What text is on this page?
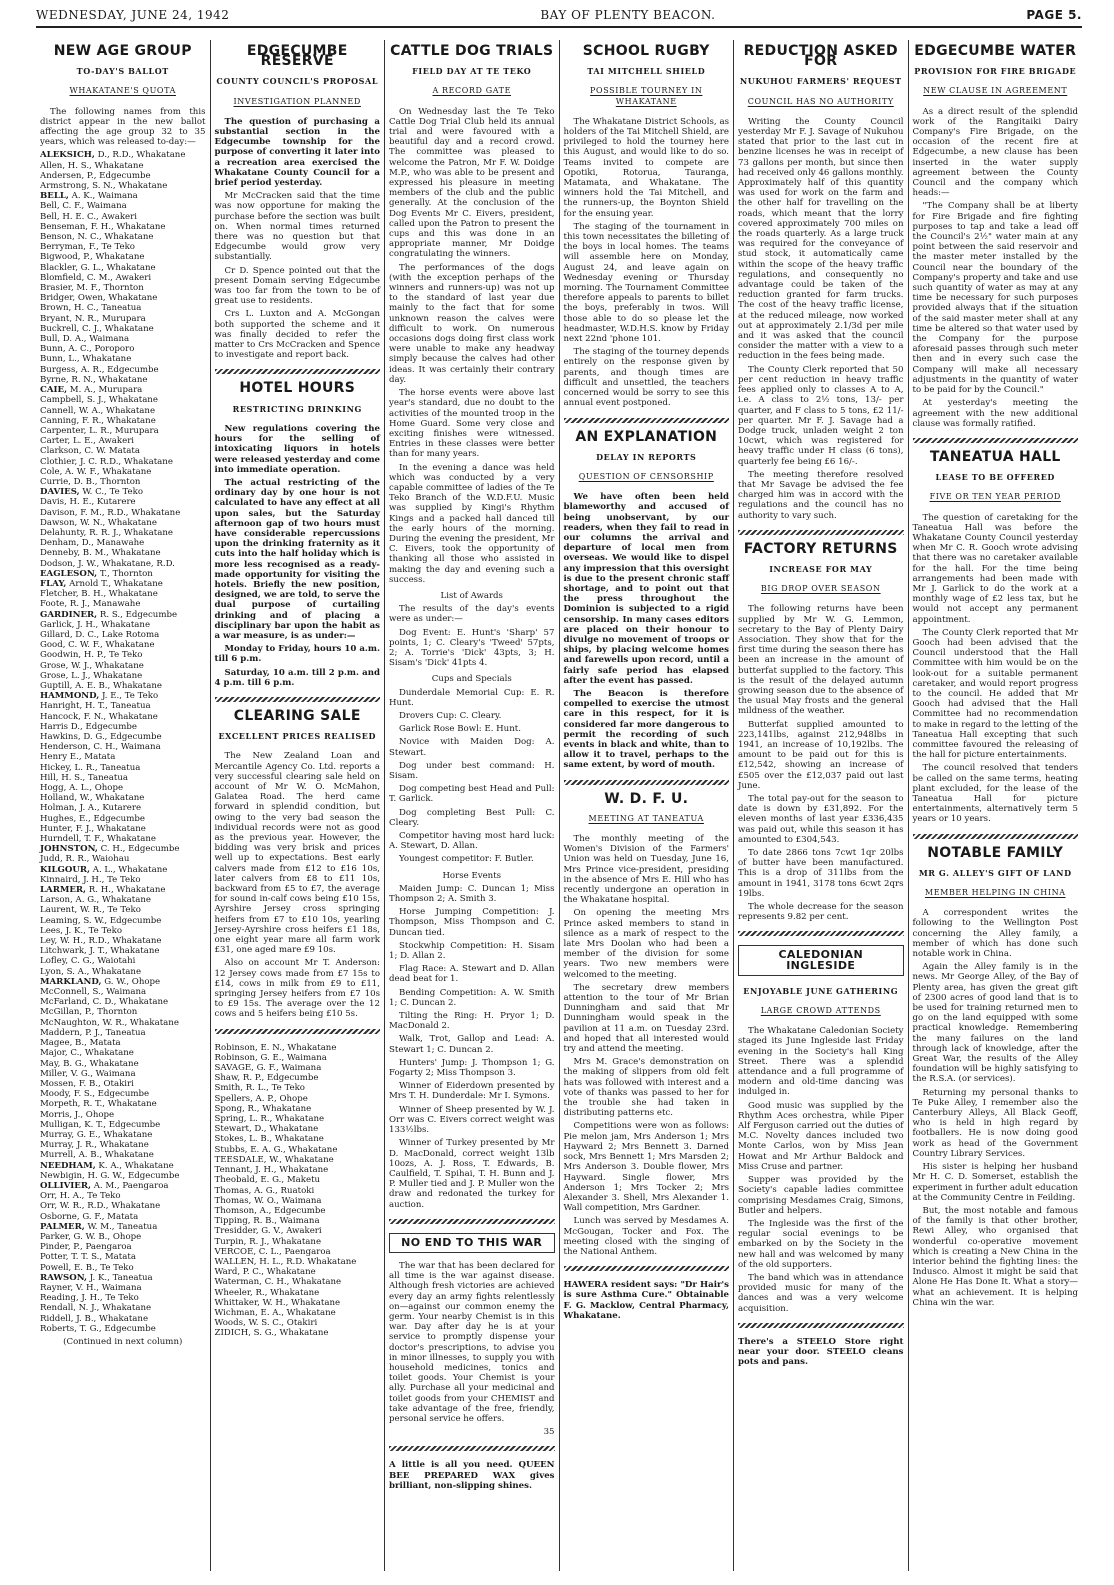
WEDNESDAY, JUNE 24, 1942	BAY OF PLENTY BEACON.	PAGE 5.
NEW AGE GROUP
TO-DAY'S BALLOT
WHAKATANE'S QUOTA
The following names from this district appear in the new ballot affecting the age group 32 to 35 years, which was released to-day:—
ALEKSICH, D., R.D., Whakatane
Allen, H. S., Whakatane
Andersen, P., Edgecumbe
Armstrong, S. N., Whakatane
BELL, A. K., Waimana
Bell, C. F., Waimana
Bell, H. E. C., Awakeri
Benseman, F. H., Whakatane
Benson, N. C., Whakatane
Berryman, F., Te Teko
Bigwood, P., Whakatane
Blackler, G. L., Whakatane
Blomfield, C. M., Awakeri
Brasier, M. F., Thornton
Bridger, Owen, Whakatane
Brown, H. C., Taneatua
Bryant, N. R., Murupara
Buckrell, C. J., Whakatane
Bull, D. A., Waimana
Bunn, A. C., Poroporo
Bunn, L., Whakatane
Burgess, A. R., Edgecumbe
Byrne, R. N., Whakatane
CAIE, M. A., Murupara
Campbell, S. J., Whakatane
Cannell, W. A., Whakatane
Canning, F. R., Whakatane
Carpenter, L. R., Murupara
Carter, L. E., Awakeri
Clarkson, C. W. Matata
Clothier, J. C. R.D., Whakatane
Cole, A. W. F., Whakatane
Currie, D. B., Thornton
DAVIES, W. C., Te Teko
Davis, H. E., Kutarere
Davison, F. M., R.D., Whakatane
Dawson, W. N., Whakatane
Delahunty, R. R. J., Whakatane
Denham, D., Manawahe
Denneby, B. M., Whakatane
Dodson, J. W., Whakatane, R.D.
EAGLESON, T., Thornton
FLAY, Arnold T., Whakatane
Fletcher, B. H., Whakatane
Foote, R. J., Manawahe
GARDINER, R. S., Edgecumbe
Garlick, J. H., Whakatane
Gillard, D. C., Lake Rotoma
Good, C. W. F., Whakatane
Goodwin, H. P., Te Teko
Grose, W. J., Whakatane
Grose, L. J., Whakatane
Guptill, A. E. B., Whakatane
HAMMOND, J. E., Te Teko
Hanright, H. T., Taneatua
Hancock, F. N., Whakatane
Harris D., Edgecumbe
Hawkins, D. G., Edgecumbe
Henderson, C. H., Waimana
Henry E., Matata
Hickey, L. R., Taneatua
Hill, H. S., Taneatua
Hogg, A. L., Ohope
Holland, W., Whakatane
Holman, J. A., Kutarere
Hughes, E., Edgecumbe
Hunter, F. J., Whakatane
Hurndell, T. F., Whakatane
JOHNSTON, C. H., Edgecumbe
Judd, R. R., Waiohau
KILGOUR, A. L., Whakatane
Kinnaird, J. H., Te Teko
LARMER, R. H., Whakatane
Larson, A. G., Whakatane
Laurent, W. R., Te Teko
Leaming, S. W., Edgecumbe
Lees, J. K., Te Teko
Ley, W. H., R.D., Whakatane
Litchwark, J. T., Whakatane
Lofley, C. G., Waiotahi
Lyon, S. A., Whakatane
MARKLAND, G. W., Ohope
McConnell, S., Waimana
McFarland, C. D., Whakatane
McGillan, P., Thornton
McNaughton, W. R., Whakatane
Maddern, P. J., Taneatua
Magee, B., Matata
Major, C., Whakatane
May, B. G., Whakatane
Miller, V. G., Waimana
Mossen, F. B., Otakiri
Moody, F. S., Edgecumbe
Morpeth, R. T., Whakatane
Morris, J., Ohope
Mulligan, K. T., Edgecumbe
Murray, G. E., Whakatane
Murray, J. R., Whakatane
Murrell, A. B., Whakatane
NEEDHAM, K. A., Whakatane
Newbigin, H. G. W., Edgecumbe
OLLIVIER, A. M., Paengaroa
Orr, H. A., Te Teko
Orr, W. R., R.D., Whakatane
Osborne, G. F., Matata
PALMER, W. M., Taneatua
Parker, G. W. B., Ohope
Pinder, P., Paengaroa
Potter, T. T. S., Matata
Powell, E. B., Te Teko
RAWSON, J. K., Taneatua
Rayner, V. H., Waimana
Reading, J. H., Te Teko
Rendall, N. J., Whakatane
Riddell, J. B., Whakatane
Roberts, T. G., Edgecumbe
(Continued in next column)
EDGECUMBE RESERVE
COUNTY COUNCIL'S PROPOSAL
INVESTIGATION PLANNED
The question of purchasing a substantial section in the Edgecumbe township for the purpose of converting it later into a recreation area exercised the Whakatane County Council for a brief period yesterday.
Mr McCracken said that the time was now opportune for making the purchase before the section was built on. When normal times returned there was no question but that Edgecumbe would grow very substantially.
Cr D. Spence pointed out that the present Domain serving Edgecumbe was too far from the town to be of great use to residents.
Crs L. Luxton and A. McGongan both supported the scheme and it was finally decided to refer the matter to Crs McCracken and Spence to investigate and report back.
HOTEL HOURS
RESTRICTING DRINKING
New regulations covering the hours for the selling of intoxicating liquors in hotels were released yesterday and come into immediate operation.
The actual restricting of the ordinary day by one hour is not calculated to have any effect at all upon sales, but the Saturday afternoon gap of two hours must have considerable repercussions upon the drinking fraternity as it cuts into the half holiday which is more less recognised as a ready-made opportunity for visiting the hotels. Briefly the new position, designed, we are told, to serve the dual purpose of curtailing drinking and of placing a disciplinary bar upon the habit as a war measure, is as under:—
Monday to Friday, hours 10 a.m. till 6 p.m.
Saturday, 10 a.m. till 2 p.m. and 4 p.m. till 6 p.m.
CLEARING SALE
EXCELLENT PRICES REALISED
The New Zealand Loan and Mercantile Agency Co. Ltd. reports a very successful clearing sale held on account of Mr W. O. McMahon, Galatea Road. The herd came forward in splendid condition, but owing to the very bad season the individual records were not as good as the previous year. However, the bidding was very brisk and prices well up to expectations. Best early calvers made from £12 to £16 10s, later calvers from £8 to £11 10s, backward from £5 to £7, the average for sound in-calf cows being £10 15s, Ayrshire Jersey cross springing heifers from £7 to £10 10s, yearling Jersey-Ayrshire cross heifers £1 18s, one eight year mare all farm work £31, one aged mare £9 10s.
Also on account Mr T. Anderson: 12 Jersey cows made from £7 15s to £14, cows in milk from £9 to £11, springing Jersey heifers from £7 10s to £9 15s. The average over the 12 cows and 5 heifers being £10 5s.
Robinson, E. N., Whakatane
Robinson, G. E., Waimana
SAVAGE, G. F., Waimana
Shaw, R. P., Edgecumbe
Smith, R. L., Te Teko
Spellers, A. P., Ohope
Spong, R., Whakatane
Spring, L. R., Whakatane
Stewart, D., Whakatane
Stokes, L. B., Whakatane
Stubbs, E. A. G., Whakatane
TEESDALE, W., Whakatane
Tennant, J. H., Whakatane
Theobald, E. G., Maketu
Thomas, A. G., Ruatoki
Thomas, W. O., Waimana
Thomson, A., Edgecumbe
Tipping, R. B., Waimana
Tresidder, G. V., Awakeri
Turpin, R. J., Whakatane
VERCOE, C. L., Paengaroa
WALLEN, H. L., R.D. Whakatane
Ward, P. C., Whakatane
Waterman, C. H., Whakatane
Wheeler, R., Whakatane
Whittaker, W. H., Whakatane
Wichman, E. A., Whakatane
Woods, W. S. C., Otakiri
ZIDICH, S. G., Whakatane
CATTLE DOG TRIALS
FIELD DAY AT TE TEKO
A RECORD GATE
On Wednesday last the Te Teko Cattle Dog Trial Club held its annual trial and were favoured with a beautiful day and a record crowd. The committee was pleased to welcome the Patron, Mr F. W. Doidge M.P., who was able to be present and expressed his pleasure in meeting members of the club and the public generally. At the conclusion of the Dog Events Mr C. Eivers, president, called upon the Patron to present the cups and this was done in an appropriate manner, Mr Doidge congratulating the winners.
The performances of the dogs (with the exception perhaps of the winners and runners-up) was not up to the standard of last year due mainly to the fact that for some unknown reason the calves were difficult to work. On numerous occasions dogs doing first class work were unable to make any headway simply because the calves had other ideas. It was certainly their contrary day.
The horse events were above last year's standard, due no doubt to the activities of the mounted troop in the Home Guard. Some very close and exciting finishes were witnessed. Entries in these classes were better than for many years.
In the evening a dance was held which was conducted by a very capable committee of ladies of the Te Teko Branch of the W.D.F.U. Music was supplied by Kingi's Rhythm Kings and a packed hall danced till the early hours of the morning. During the evening the president, Mr C. Eivers, took the opportunity of thanking all those who assisted in making the day and evening such a success.
List of Awards
The results of the day's events were as under:—
Dog Event: E. Hunt's 'Sharp' 57 points, 1; C. Cleary's 'Tweed' 57pts, 2; A. Torrie's 'Dick' 43pts, 3; H. Sisam's 'Dick' 41pts 4.
Cups and Specials
Dunderdale Memorial Cup: E. R. Hunt.
Drovers Cup: C. Cleary.
Garlick Rose Bowl: E. Hunt.
Novice with Maiden Dog: A. Stewart.
Dog under best command: H. Sisam.
Dog competing best Head and Pull: T. Garlick.
Dog completing Best Pull: C. Cleary.
Competitor having most hard luck: A. Stewart, D. Allan.
Youngest competitor: F. Butler.
Horse Events
Maiden Jump: C. Duncan 1; Miss Thompson 2; A. Smith 3.
Horse Jumping Competition: J. Thompson, Miss Thompson and C. Duncan tied.
Stockwhip Competition: H. Sisam 1; D. Allan 2.
Flag Race: A. Stewart and D. Allan dead beat for 1.
Bending Competition: A. W. Smith 1; C. Duncan 2.
Tilting the Ring: H. Pryor 1; D. MacDonald 2.
Walk, Trot, Gallop and Lead: A. Stewart 1; C. Duncan 2.
Hunters' Jump: J. Thompson 1; G. Fogarty 2; Miss Thompson 3.
Winner of Eiderdown presented by Mrs T. H. Dunderdale: Mr I. Symons.
Winner of Sheep presented by W. J. Orr was C. Eivers correct weight was 133½lbs.
Winner of Turkey presented by Mr D. MacDonald, correct weight 13lb 10ozs, A. J. Ross, T. Edwards, B. Caulfield, T. Spihai, T. H. Bunn and J. P. Muller tied and J. P. Muller won the draw and redonated the turkey for auction.
NO END TO THIS WAR
The war that has been declared for all time is the war against disease. Although fresh victories are achieved every day an army fights relentlessly on—against our common enemy the germ. Your nearby Chemist is in this war. Day after day he is at your service to promptly dispense your doctor's prescriptions, to advise you in minor illnesses, to supply you with household medicines, tonics and toilet goods. Your Chemist is your ally. Purchase all your medicinal and toilet goods from your CHEMIST and take advantage of the free, friendly, personal service he offers.
35
A little is all you need. QUEEN BEE PREPARED WAX gives brilliant, non-slipping shines.
SCHOOL RUGBY
TAI MITCHELL SHIELD
POSSIBLE TOURNEY IN WHAKATANE
The Whakatane District Schools, as holders of the Tai Mitchell Shield, are privileged to hold the tourney here this August, and would like to do so. Teams invited to compete are Opotiki, Rotorua, Tauranga, Matamata, and Whakatane. The winners hold the Tai Mitchell, and the runners-up, the Boynton Shield for the ensuing year.
The staging of the tournament in this town necessitates the billeting of the boys in local homes. The teams will assemble here on Monday, August 24, and leave again on Wednesday evening or Thursday morning. The Tournament Committee therefore appeals to parents to billet the boys, preferably in twos. Will those able to do so please let the headmaster, W.D.H.S. know by Friday next 22nd 'phone 101.
The staging of the tourney depends entirely on the response given by parents, and though times are difficult and unsettled, the teachers concerned would be sorry to see this annual event postponed.
AN EXPLANATION
DELAY IN REPORTS
QUESTION OF CENSORSHIP
We have often been held blameworthy and accused of being unobservant, by our readers, when they fail to read in our columns the arrival and departure of local men from overseas. We would like to dispel any impression that this oversight is due to the present chronic staff shortage, and to point out that the press throughout the Dominion is subjected to a rigid censorship. In many cases editors are placed on their honour to divulge no movement of troops or ships, by placing welcome homes and farewells upon record, until a fairly safe period has elapsed after the event has passed.
The Beacon is therefore compelled to exercise the utmost care in this respect, for it is considered far more dangerous to permit the recording of such events in black and white, than to allow it to travel, perhaps to the same extent, by word of mouth.
W. D. F. U.
MEETING AT TANEATUA
The monthly meeting of the Women's Division of the Farmers' Union was held on Tuesday, June 16, Mrs Prince vice-president, presiding in the absence of Mrs E. Hill who has recently undergone an operation in the Whakatane hospital.
On opening the meeting Mrs Prince asked members to stand in silence as a mark of respect to the late Mrs Doolan who had been a member of the division for some years. Two new members were welcomed to the meeting.
The secretary drew members attention to the tour of Mr Brian Dunningham and said that Mr Dunningham would speak in the pavilion at 11 a.m. on Tuesday 23rd. and hoped that all interested would try and attend the meeting.
Mrs M. Grace's demonstration on the making of slippers from old felt hats was followed with interest and a vote of thanks was passed to her for the trouble she had taken in distributing patterns etc.
Competitions were won as follows: Pie melon jam, Mrs Anderson 1; Mrs Hayward 2; Mrs Bennett 3. Darned sock, Mrs Bennett 1; Mrs Marsden 2; Mrs Anderson 3. Double flower, Mrs Hayward. Single flower, Mrs Anderson 1; Mrs Tocker 2; Mrs Alexander 3. Shell, Mrs Alexander 1. Wall competition, Mrs Gardner.
Lunch was served by Mesdames A. McGougan, Tocker and Fox. The meeting closed with the singing of the National Anthem.
HAWERA resident says: "Dr Hair's is sure Asthma Cure." Obtainable F. G. Macklow, Central Pharmacy, Whakatane.
REDUCTION ASKED FOR
NUKUHOU FARMERS' REQUEST
COUNCIL HAS NO AUTHORITY
Writing the County Council yesterday Mr F. J. Savage of Nukuhou stated that prior to the last cut in benzine licenses he was in receipt of 73 gallons per month, but since then had received only 46 gallons monthly. Approximately half of this quantity was used for work on the farm and the other half for travelling on the roads, which meant that the lorry covered approximately 700 miles on the roads quarterly. As a large truck was required for the conveyance of stud stock, it automatically came within the scope of the heavy traffic regulations, and consequently no advantage could be taken of the reduction granted for farm trucks. The cost of the heavy traffic license, at the reduced mileage, now worked out at approximately 2.1/3d per mile and it was asked that the council consider the matter with a view to a reduction in the fees being made.
The County Clerk reported that 50 per cent reduction in heavy traffic fees applied only to classes A to A, i.e. A class to 2½ tons, 13/- per quarter, and F class to 5 tons, £2 11/- per quarter. Mr F. J. Savage had a Dodge truck, unladen weight 2 ton 10cwt, which was registered for heavy traffic under H class (6 tons), quarterly fee being £6 16/-.
The meeting therefore resolved that Mr Savage be advised the fee charged him was in accord with the regulations and the council has no authority to vary such.
FACTORY RETURNS
INCREASE FOR MAY
BIG DROP OVER SEASON
The following returns have been supplied by Mr W. G. Lemmon, secretary to the Bay of Plenty Dairy Association. They show that for the first time during the season there has been an increase in the amount of butterfat supplied to the factory. This is the result of the delayed autumn growing season due to the absence of the usual May frosts and the general mildness of the weather.
Butterfat supplied amounted to 223,141lbs, against 212,948lbs in 1941, an increase of 10,192lbs. The amount to be paid out for this is £12,542, showing an increase of £505 over the £12,037 paid out last June.
The total pay-out for the season to date is down by £31,892. For the eleven months of last year £336,435 was paid out, while this season it has amounted to £304,543.
To date 2866 tons 7cwt 1qr 20lbs of butter have been manufactured. This is a drop of 311lbs from the amount in 1941, 3178 tons 6cwt 2qrs 19lbs.
The whole decrease for the season represents 9.82 per cent.
CALEDONIAN INGLESIDE
ENJOYABLE JUNE GATHERING
LARGE CROWD ATTENDS
The Whakatane Caledonian Society staged its June Ingleside last Friday evening in the Society's hall King Street. There was a splendid attendance and a full programme of modern and old-time dancing was indulged in.
Good music was supplied by the Rhythm Aces orchestra, while Piper Alf Ferguson carried out the duties of M.C. Novelty dances included two Monte Carlos, won by Miss Jean Howat and Mr Arthur Baldock and Miss Cruse and partner.
Supper was provided by the Society's capable ladies committee comprising Mesdames Craig, Simons, Butler and helpers.
The Ingleside was the first of the regular social evenings to be embarked on by the Society in the new hall and was welcomed by many of the old supporters.
The band which was in attendance provided music for many of the dances and was a very welcome acquisition.
There's a STEELO Store right near your door. STEELO cleans pots and pans.
EDGECUMBE WATER
PROVISION FOR FIRE BRIGADE
NEW CLAUSE IN AGREEMENT
As a direct result of the splendid work of the Rangitaiki Dairy Company's Fire Brigade, on the occasion of the recent fire at Edgecumbe, a new clause has been inserted in the water supply agreement between the County Council and the company which heads:—
"The Company shall be at liberty for Fire Brigade and fire fighting purposes to tap and take a lead off the Council's 2½" water main at any point between the said reservoir and the master meter installed by the Council near the boundary of the Company's property and take and use such quantity of water as may at any time be necessary for such purposes provided always that if the situation of the said master meter shall at any time be altered so that water used by the Company for the purpose aforesaid passes through such meter then and in every such case the Company will make all necessary adjustments in the quantity of water to be paid for by the Council."
At yesterday's meeting the agreement with the new additional clause was formally ratified.
TANEATUA HALL
LEASE TO BE OFFERED
FIVE OR TEN YEAR PERIOD
The question of caretaking for the Taneatua Hall was before the Whakatane County Council yesterday when Mr C. R. Gooch wrote advising that there was no caretaker available for the hall. For the time being arrangements had been made with Mr J. Garlick to do the work at a monthly wage of £2 less tax, but he would not accept any permanent appointment.
The County Clerk reported that Mr Gooch had been advised that the Council understood that the Hall Committee with him would be on the look-out for a suitable permanent caretaker, and would report progress to the council. He added that Mr Gooch had advised that the Hall Committee had no recommendation to make in regard to the letting of the Taneatua Hall excepting that such committee favoured the releasing of the hall for picture entertainments.
The council resolved that tenders be called on the same terms, heating plant excluded, for the lease of the Taneatua Hall for picture entertainments, alternatively term 5 years or 10 years.
NOTABLE FAMILY
MR G. ALLEY'S GIFT OF LAND
MEMBER HELPING IN CHINA
A correspondent writes the following to the Wellington Post concerning the Alley family, a member of which has done such notable work in China.
Again the Alley family is in the news. Mr George Alley, of the Bay of Plenty area, has given the great gift of 2300 acres of good land that is to be used for training returned men to go on the land equipped with some practical knowledge. Remembering the many failures on the land through lack of knowledge, after the Great War, the results of the Alley foundation will be highly satisfying to the R.S.A. (or services).
Returning my personal thanks to Te Puke Alley, I remember also the Canterbury Alleys, All Black Geoff, who is held in high regard by footballers. He is now doing good work as head of the Government Country Library Services.
His sister is helping her husband Mr H. C. D. Somerset, establish the experiment in further adult education at the Community Centre in Feilding.
But, the most notable and famous of the family is that other brother, Rewi Alley, who organised that wonderful co-operative movement which is creating a New China in the interior behind the fighting lines: the Indusco. Almost it might be said that Alone He Has Done It. What a story—what an achievement. It is helping China win the war.
